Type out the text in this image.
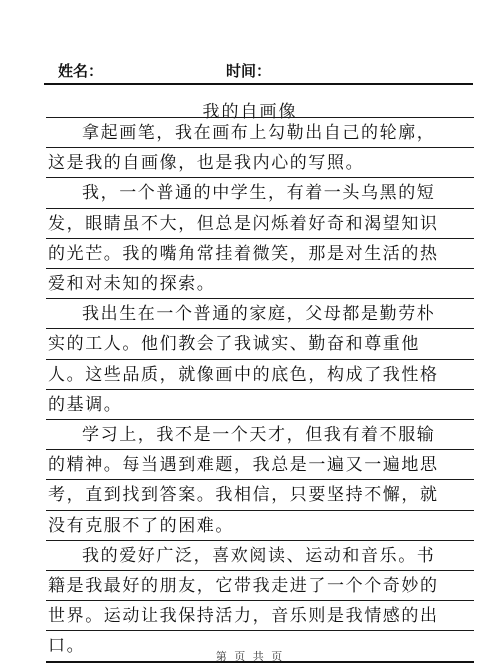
姓名：	时间：
我的自画像
拿起画笔，我在画布上勾勒出自己的轮廓，
这是我的自画像，也是我内心的写照。
我，一个普通的中学生，有着一头乌黑的短
发，眼睛虽不大，但总是闪烁着好奇和渴望知识
的光芒。我的嘴角常挂着微笑，那是对生活的热
爱和对未知的探索。
我出生在一个普通的家庭，父母都是勤劳朴
实的工人。他们教会了我诚实、勤奋和尊重他
人。这些品质，就像画中的底色，构成了我性格
的基调。
学习上，我不是一个天才，但我有着不服输
的精神。每当遇到难题，我总是一遍又一遍地思
考，直到找到答案。我相信，只要坚持不懈，就
没有克服不了的困难。
我的爱好广泛，喜欢阅读、运动和音乐。书
籍是我最好的朋友，它带我走进了一个个奇妙的
世界。运动让我保持活力，音乐则是我情感的出
口。
第 页 共 页
